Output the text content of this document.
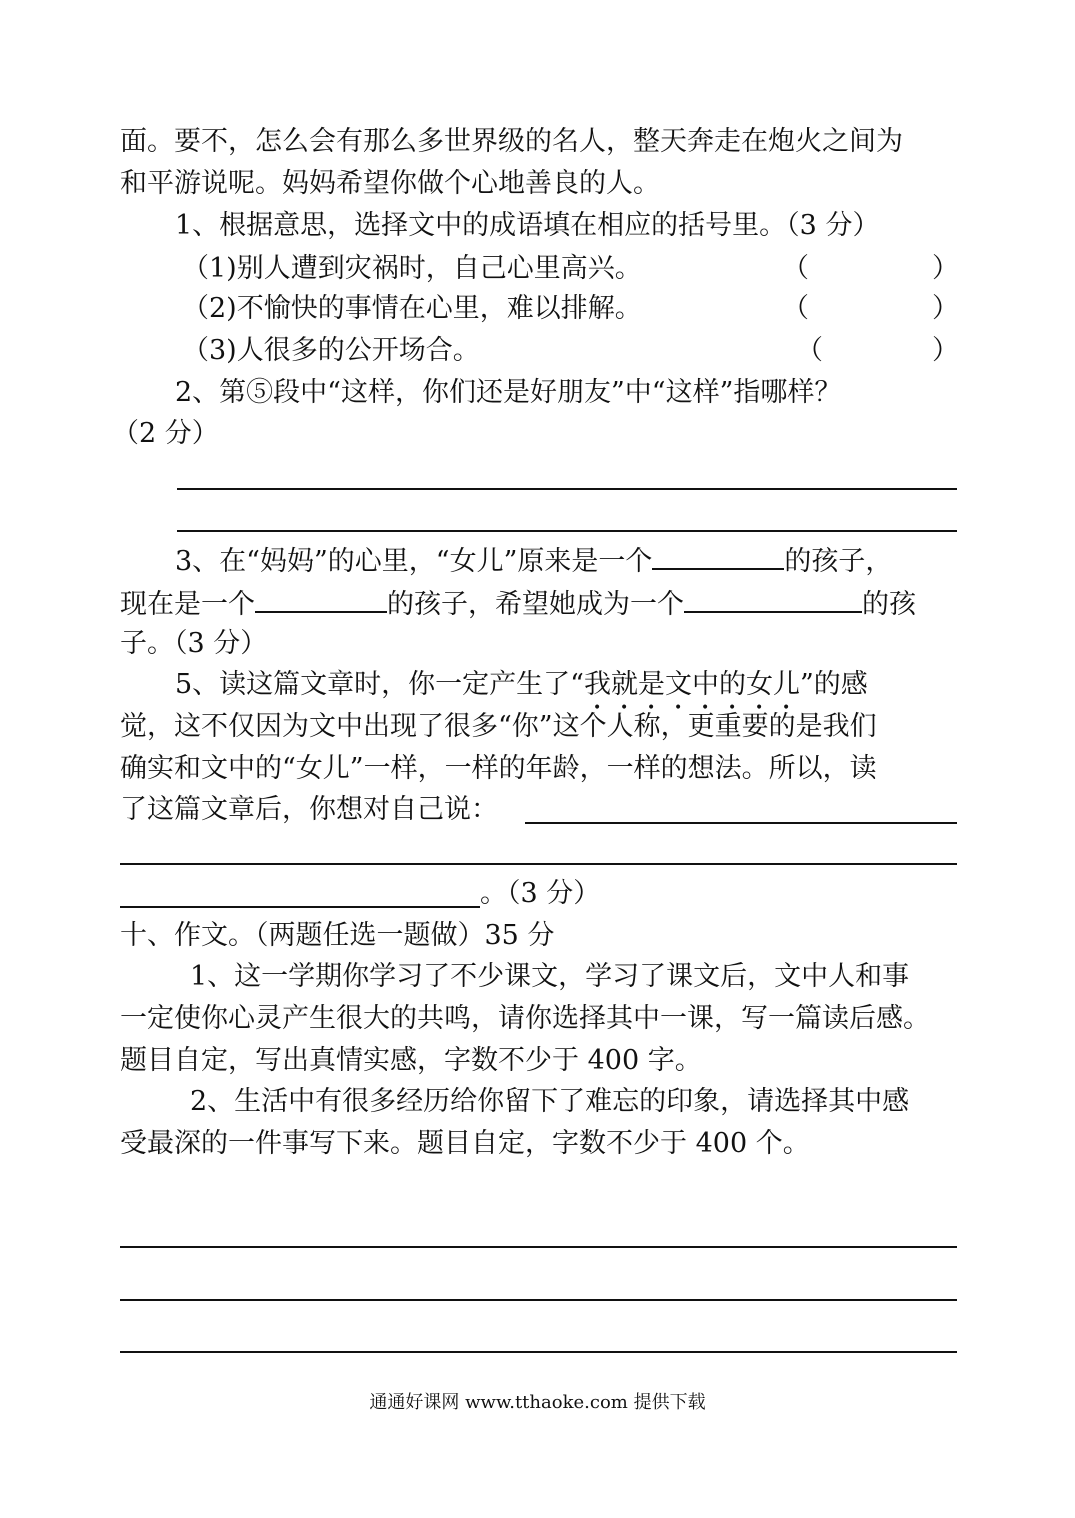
面。要不，怎么会有那么多世界级的名人，整天奔走在炮火之间为
和平游说呢。妈妈希望你做个心地善良的人。
1、根据意思，选择文中的成语填在相应的括号里。（3 分）
（1)别人遭到灾祸时，自己心里高兴。	（	）
（2)不愉快的事情在心里，难以排解。	（	）
（3)人很多的公开场合。	（	）
2、第⑤段中“这样，你们还是好朋友”中“这样”指哪样？
（2 分）
3、在“妈妈”的心里，“女儿”原来是一个	的孩子，
现在是一个	的孩子，希望她成为一个	的孩
子。（3 分）
5、读这篇文章时，你一定产生了“我就是文中的女儿”的感
觉，这不仅因为文中出现了很多“你”这个人称，更重要的是我们
确实和文中的“女儿”一样，一样的年龄，一样的想法。所以，读
了这篇文章后，你想对自己说：
。（3 分）
十、作文。（两题任选一题做）35 分
1、这一学期你学习了不少课文，学习了课文后，文中人和事
一定使你心灵产生很大的共鸣，请你选择其中一课，写一篇读后感。
题目自定，写出真情实感，字数不少于 400 字。
2、生活中有很多经历给你留下了难忘的印象，请选择其中感
受最深的一件事写下来。题目自定，字数不少于 400 个。
通通好课网 www.tthaoke.com 提供下载
